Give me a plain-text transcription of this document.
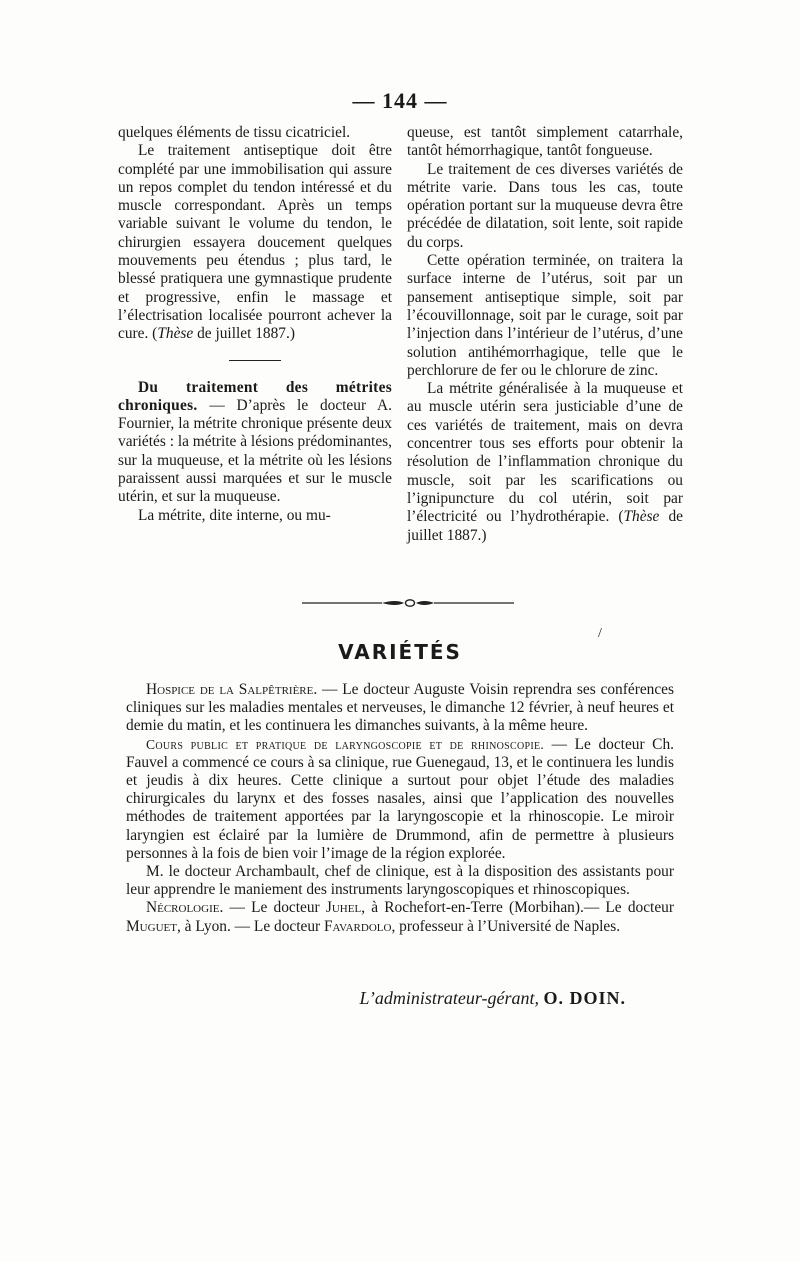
— 144 —

quelques éléments de tissu cicatriciel.

Le traitement antiseptique doit être complété par une immobilisation qui assure un repos complet du tendon intéressé et du muscle correspondant. Après un temps variable suivant le volume du tendon, le chirurgien essayera doucement quelques mouvements peu étendus ; plus tard, le blessé pratiquera une gymnastique prudente et progressive, enfin le massage et l’électrisation localisée pourront achever la cure. (Thèse de juillet 1887.)

Du traitement des métrites chroniques. — D’après le docteur A. Fournier, la métrite chronique présente deux variétés : la métrite à lésions prédominantes, sur la muqueuse, et la métrite où les lésions paraissent aussi marquées et sur le muscle utérin, et sur la muqueuse.

La métrite, dite interne, ou mu-

queuse, est tantôt simplement catarrhale, tantôt hémorrhagique, tantôt fongueuse.

Le traitement de ces diverses variétés de métrite varie. Dans tous les cas, toute opération portant sur la muqueuse devra être précédée de dilatation, soit lente, soit rapide du corps.

Cette opération terminée, on traitera la surface interne de l’utérus, soit par un pansement antiseptique simple, soit par l’écouvillonnage, soit par le curage, soit par l’injection dans l’intérieur de l’utérus, d’une solution antihémorrhagique, telle que le perchlorure de fer ou le chlorure de zinc.

La métrite généralisée à la muqueuse et au muscle utérin sera justiciable d’une de ces variétés de traitement, mais on devra concentrer tous ses efforts pour obtenir la résolution de l’inflammation chronique du muscle, soit par les scarifications ou l’ignipuncture du col utérin, soit par l’électricité ou l’hydrothérapie. (Thèse de juillet 1887.)

/
VARIÉTÉS

Hospice de la Salpêtrière. — Le docteur Auguste Voisin reprendra ses conférences cliniques sur les maladies mentales et nerveuses, le dimanche 12 février, à neuf heures et demie du matin, et les continuera les dimanches suivants, à la même heure.

Cours public et pratique de laryngoscopie et de rhinoscopie. — Le docteur Ch. Fauvel a commencé ce cours à sa clinique, rue Guenegaud, 13, et le continuera les lundis et jeudis à dix heures. Cette clinique a surtout pour objet l’étude des maladies chirurgicales du larynx et des fosses nasales, ainsi que l’application des nouvelles méthodes de traitement apportées par la laryngoscopie et la rhinoscopie. Le miroir laryngien est éclairé par la lumière de Drummond, afin de permettre à plusieurs personnes à la fois de bien voir l’image de la région explorée.

M. le docteur Archambault, chef de clinique, est à la disposition des assistants pour leur apprendre le maniement des instruments laryngoscopiques et rhinoscopiques.

Nécrologie. — Le docteur Juhel, à Rochefort-en-Terre (Morbihan).— Le docteur Muguet, à Lyon. — Le docteur Favardolo, professeur à l’Université de Naples.

L’administrateur-gérant, O. DOIN.
